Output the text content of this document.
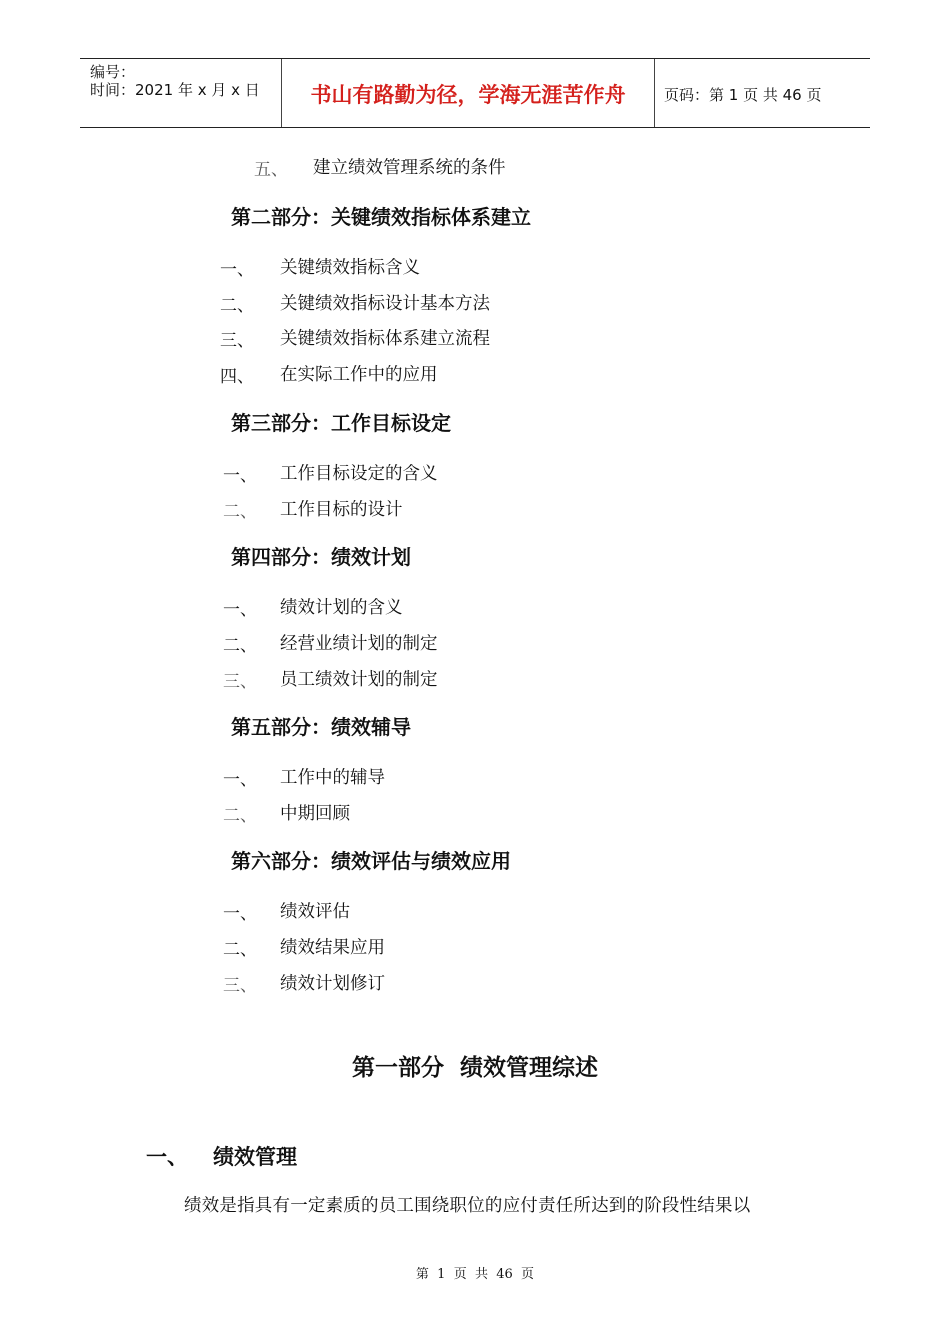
编号：
时间：2021 年 x 月 x 日	书山有路勤为径，学海无涯苦作舟	页码：第 1 页 共 46 页
五、 建立绩效管理系统的条件
第二部分：关键绩效指标体系建立
一、 关键绩效指标含义
二、 关键绩效指标设计基本方法
三、 关键绩效指标体系建立流程
四、 在实际工作中的应用
第三部分：工作目标设定
一、 工作目标设定的含义
二、 工作目标的设计
第四部分：绩效计划
一、 绩效计划的含义
二、 经营业绩计划的制定
三、 员工绩效计划的制定
第五部分：绩效辅导
一、 工作中的辅导
二、 中期回顾
第六部分：绩效评估与绩效应用
一、 绩效评估
二、 绩效结果应用
三、 绩效计划修订
第一部分  绩效管理综述
一、 绩效管理
绩效是指具有一定素质的员工围绕职位的应付责任所达到的阶段性结果以
第  1  页  共  46  页
